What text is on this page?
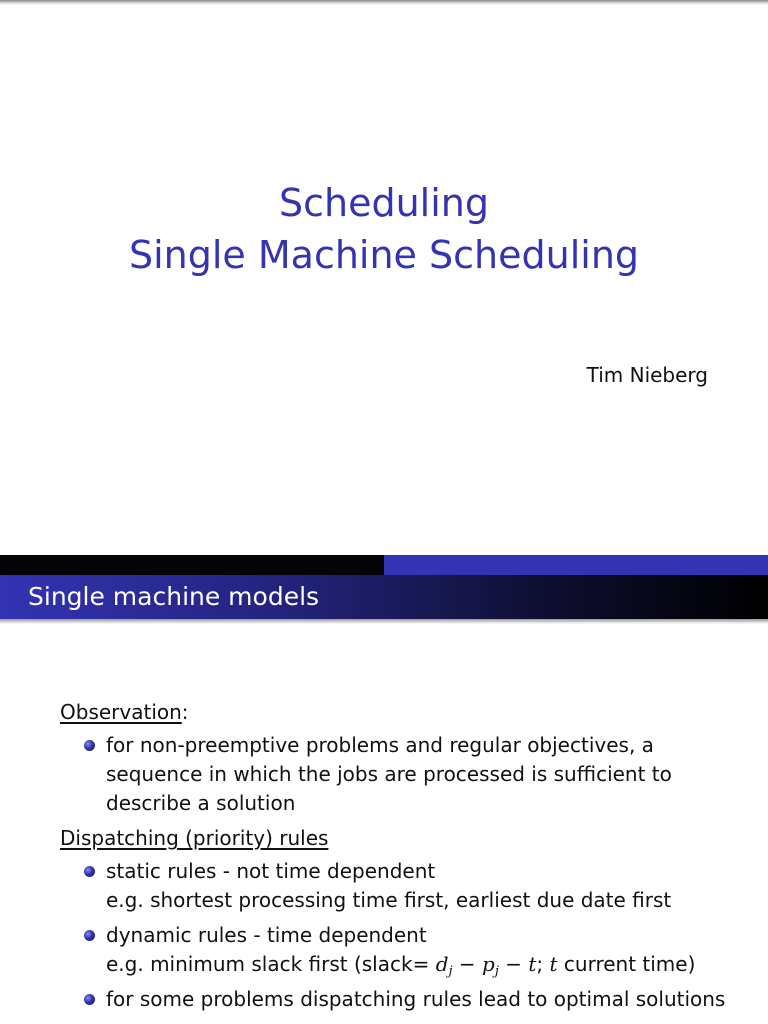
Scheduling
Single Machine Scheduling
Tim Nieberg
Single machine models
Observation:
for non-preemptive problems and regular objectives, a
sequence in which the jobs are processed is sufficient to
describe a solution
Dispatching (priority) rules
static rules - not time dependent
e.g. shortest processing time first, earliest due date first
dynamic rules - time dependent
e.g. minimum slack first (slack= $d_j - p_j - t$; t current time)
for some problems dispatching rules lead to optimal solutions
